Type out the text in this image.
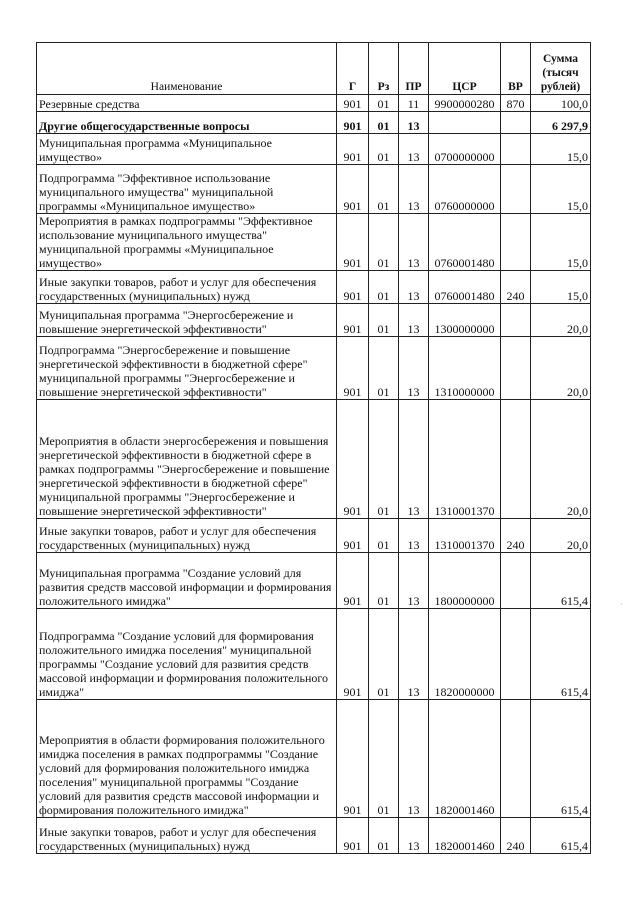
Наименование	Г	Рз	ПР	ЦСР	ВР	Сумма (тысяч рублей)
Резервные средства	901	01	11	9900000280	870	100,0
Другие общегосударственные вопросы	901	01	13			6 297,9
Муниципальная программа «Муниципальное имущество»	901	01	13	0700000000		15,0
Подпрограмма "Эффективное использование муниципального имущества" муниципальной программы «Муниципальное имущество»	901	01	13	0760000000		15,0
Мероприятия в рамках подпрограммы "Эффективное использование муниципального имущества" муниципальной программы «Муниципальное имущество»	901	01	13	0760001480		15,0
Иные закупки товаров, работ и услуг для обеспечения государственных (муниципальных) нужд	901	01	13	0760001480	240	15,0
Муниципальная программа "Энергосбережение и повышение энергетической эффективности"	901	01	13	1300000000		20,0
Подпрограмма "Энергосбережение и повышение энергетической эффективности в бюджетной сфере" муниципальной программы "Энергосбережение и повышение энергетической эффективности"	901	01	13	1310000000		20,0
Мероприятия в области энергосбережения и повышения энергетической эффективности в бюджетной сфере в рамках подпрограммы "Энергосбережение и повышение энергетической эффективности в бюджетной сфере" муниципальной программы "Энергосбережение и повышение энергетической эффективности"	901	01	13	1310001370		20,0
Иные закупки товаров, работ и услуг для обеспечения государственных (муниципальных) нужд	901	01	13	1310001370	240	20,0
Муниципальная программа "Создание условий для развития средств массовой информации и формирования положительного имиджа"	901	01	13	1800000000		615,4
Подпрограмма "Создание условий для формирования положительного имиджа поселения" муниципальной программы "Создание условий для развития средств массовой информации и формирования положительного имиджа"	901	01	13	1820000000		615,4
Мероприятия в области формирования положительного имиджа поселения в рамках подпрограммы "Создание условий для формирования положительного имиджа поселения" муниципальной программы "Создание условий для развития средств массовой информации и формирования положительного имиджа"	901	01	13	1820001460		615,4
Иные закупки товаров, работ и услуг для обеспечения государственных (муниципальных) нужд	901	01	13	1820001460	240	615,4
·
